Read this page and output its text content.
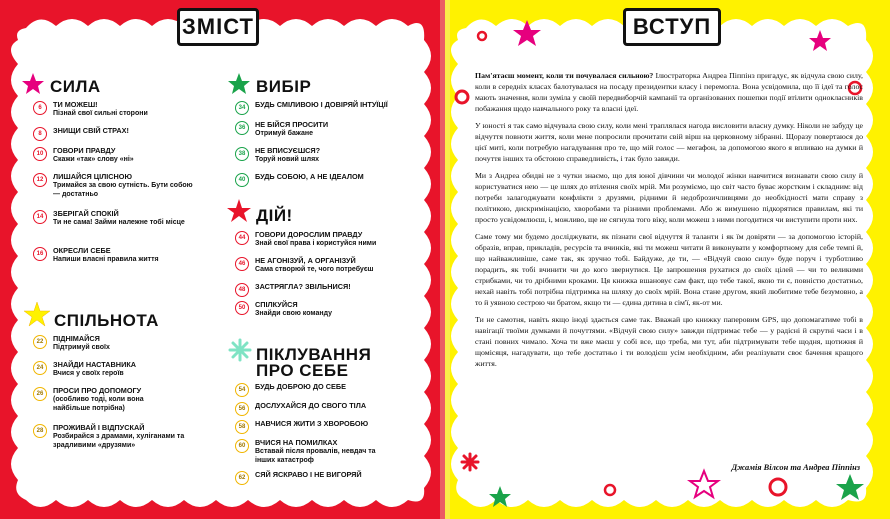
ЗМІСТ
СИЛА
6	ТИ МОЖЕШ!
Пізнай свої сильні сторони
8	ЗНИЩИ СВІЙ СТРАХ!
10	ГОВОРИ ПРАВДУ
Скажи «так» слову «ні»
12	ЛИШАЙСЯ ЦІЛІСНОЮ
Тримайся за свою сутність. Бути собою — достатньо
14	ЗБЕРІГАЙ СПОКІЙ
Ти не сама! Займи належне тобі місце
16	ОКРЕСЛИ СЕБЕ
Напиши власні правила життя
СПІЛЬНОТА
22	ПІДНІМАЙСЯ
Підтримуй своїх
24	ЗНАЙДИ НАСТАВНИКА
Вчися у своїх героїв
26	ПРОСИ ПРО ДОПОМОГУ
(особливо тоді, коли вона найбільше потрібна)
28	ПРОЖИВАЙ І ВІДПУСКАЙ
Розбирайся з драмами, хуліганами та зрадливими «друзями»
ВИБІР
34	БУДЬ СМІЛИВОЮ І ДОВІРЯЙ ІНТУЇЦІЇ
36	НЕ БІЙСЯ ПРОСИТИ
Отримуй бажане
38	НЕ ВПИСУЄШСЯ?
Торуй новий шлях
40	БУДЬ СОБОЮ, А НЕ ІДЕАЛОМ
ДІЙ!
44	ГОВОРИ ДОРОСЛИМ ПРАВДУ
Знай свої права і користуйся ними
46	НЕ АГОНІЗУЙ, А ОРГАНІЗУЙ
Сама створюй те, чого потребуєш
48	ЗАСТРЯГЛА? ЗВІЛЬНИСЯ!
50	СПІЛКУЙСЯ
Знайди свою команду
ПІКЛУВАННЯ
ПРО СЕБЕ
54	БУДЬ ДОБРОЮ ДО СЕБЕ
56	ДОСЛУХАЙСЯ ДО СВОГО ТІЛА
58	НАВЧИСЯ ЖИТИ З ХВОРОБОЮ
60	ВЧИСЯ НА ПОМИЛКАХ
Вставай після провалів, невдач та інших катастроф
62	СЯЙ ЯСКРАВО І НЕ ВИГОРЯЙ
ВСТУП

Пам'ятаєш момент, коли ти почувалася сильною? Ілюстраторка Андреа Піппінз пригадує, як відчула свою силу, коли в середніх класах балотувалася на посаду президентки класу і перемогла. Вона усвідомила, що її ідеї та голос мають значення, коли зуміла у своїй передвиборчій кампанії та організованих пошепки події втілити однокласників побажання щодо навчального року та власні ідеї.

У юності я так само відчувала свою силу, коли мені траплялася нагода висловити власну думку. Ніколи не забуду це відчуття повноти життя, коли мене попросили прочитати свій вірш на церковному зібранні. Щоразу повертаюся до цієї миті, коли потребую нагадування про те, що мій голос — мегафон, за допомогою якого я впливаю на думки й почуття інших та обстоюю справедливість, і так було завжди.

Ми з Андреа обидві не з чутки знаємо, що для юної дівчини чи молодої жінки навчитися визнавати свою силу й користуватися нею — це шлях до втілення своїх мрій. Ми розуміємо, що світ часто буває жорстким і складним: від потреби залагоджувати конфлікти з друзями, рідними й недоброзичливцями до необхідності мати справу з політикою, дискримінацією, хворобами та різними проблемами. Або ж вимушено підкорятися правилам, які ти просто усвідомлюєш, і, можливо, ще не сягнула того віку, коли можеш з ними погодитися чи виступити проти них.

Саме тому ми будемо досліджувати, як пізнати свої відчуття й таланти і як їм довіряти — за допомогою історій, образів, вправ, прикладів, ресурсів та вчинків, які ти можеш читати й виконувати у комфортному для себе темпі й, що найважливіше, саме так, як зручно тобі. Байдуже, де ти, — «Відчуй свою силу» буде поруч і турботливо порадить, як тобі вчинити чи до кого звернутися. Це запрошення рухатися до своїх цілей — чи то великими стрибками, чи то дрібними кроками. Ця книжка вшановує сам факт, що тебе такої, якою ти є, повністю достатньо, нехай навіть тобі потрібна підтримка на шляху до своїх мрій. Вона стане другом, який любитиме тебе безумовно, а то й уявною сестрою чи братом, якщо ти — єдина дитина в сім'ї, як-от ми.

Ти не самотня, навіть якщо іноді здається саме так. Вважай цю книжку паперовим GPS, що допомагатиме тобі в навігації твоїми думками й почуттями. «Відчуй свою силу» завжди підтримає тебе — у радісні й скрутні часи і в стані повних чимало. Хоча ти вже маєш у собі все, що треба, ми тут, аби підтримувати тебе щодня, щотижня й щомісяця, нагадувати, що тебе достатньо і ти володієш усім необхідним, аби реалізувати своє бачення кращого життя.

Джамія Вілсон та Андреа Піппінз
